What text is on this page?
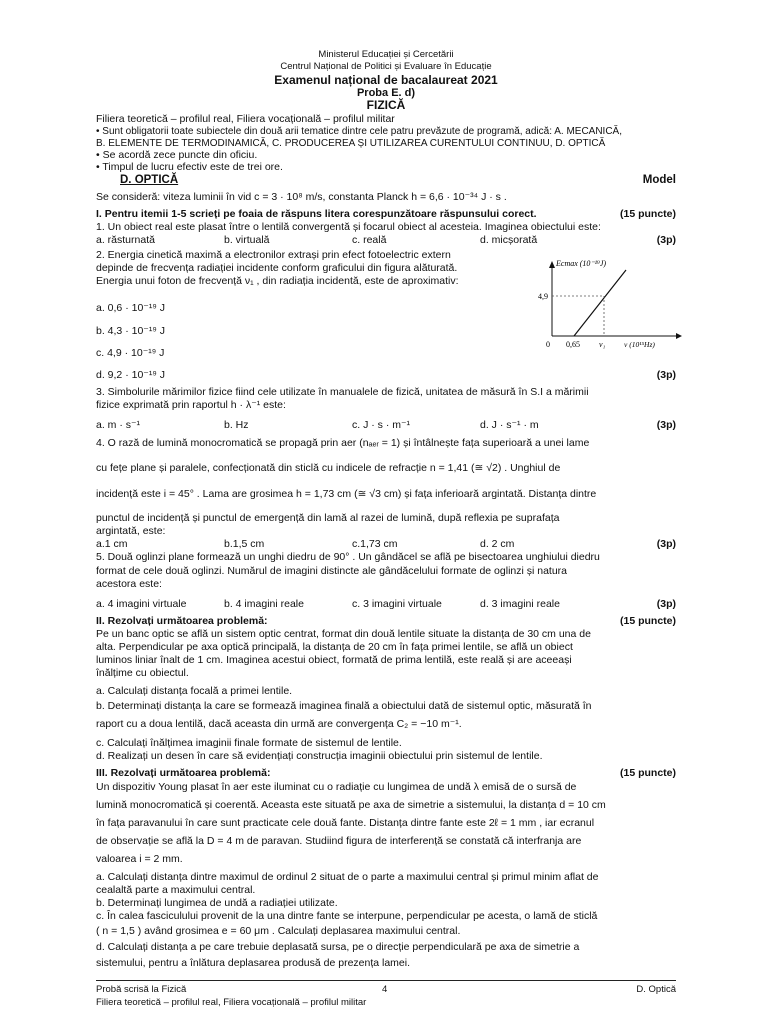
Ministerul Educației și Cercetării
Centrul Național de Politici și Evaluare în Educație
Examenul național de bacalaureat 2021
Proba E. d)
FIZICĂ
Filiera teoretică – profilul real, Filiera vocațională – profilul militar
• Sunt obligatorii toate subiectele din două arii tematice dintre cele patru prevăzute de programă, adică: A. MECANICĂ,
B. ELEMENTE DE TERMODINAMICĂ, C. PRODUCEREA ȘI UTILIZAREA CURENTULUI CONTINUU, D. OPTICĂ
• Se acordă zece puncte din oficiu.
• Timpul de lucru efectiv este de trei ore.
D. OPTICĂ	Model
Se consideră: viteza luminii în vid c = 3 · 10⁸ m/s, constanta Planck h = 6,6 · 10⁻³⁴ J · s .
I. Pentru itemii 1-5 scrieți pe foaia de răspuns litera corespunzătoare răspunsului corect.	(15 puncte)
1. Un obiect real este plasat între o lentilă convergentă și focarul obiect al acesteia. Imaginea obiectului este:
a. răsturnată	b. virtuală	c. reală	d. micșorată	(3p)
2. Energia cinetică maximă a electronilor extrași prin efect fotoelectric extern
depinde de frecvența radiației incidente conform graficului din figura alăturată.
Energia unui foton de frecvență ν₁ , din radiația incidentă, este de aproximativ:
a. 0,6 · 10⁻¹⁹ J
b. 4,3 · 10⁻¹⁹ J
c. 4,9 · 10⁻¹⁹ J
d. 9,2 · 10⁻¹⁹ J	(3p)
Ecmax (10⁻¹⁹J)
4,9
0 0,65 ν₁ ν (10¹⁵Hz)
3. Simbolurile mărimilor fizice fiind cele utilizate în manualele de fizică, unitatea de măsură în S.I a mărimii
fizice exprimată prin raportul h · λ⁻¹ este:
a. m · s⁻¹	b. Hz	c. J · s · m⁻¹	d. J · s⁻¹ · m	(3p)
4. O rază de lumină monocromatică se propagă prin aer (nₐₑᵣ = 1) și întâlnește fața superioară a unei lame
cu fețe plane și paralele, confecționată din sticlă cu indicele de refracție n = 1,41 (≅ √2) . Unghiul de
incidență este i = 45° . Lama are grosimea h = 1,73 cm (≅ √3 cm) și fața inferioară argintată. Distanța dintre
punctul de incidență și punctul de emergență din lamă al razei de lumină, după reflexia pe suprafața
argintată, este:
a.1 cm	b.1,5 cm	c.1,73 cm	d. 2 cm	(3p)
5. Două oglinzi plane formează un unghi diedru de 90° . Un gândăcel se află pe bisectoarea unghiului diedru
format de cele două oglinzi. Numărul de imagini distincte ale gândăcelului formate de oglinzi și natura
acestora este:
a. 4 imagini virtuale	b. 4 imagini reale	c. 3 imagini virtuale	d. 3 imagini reale	(3p)
II. Rezolvați următoarea problemă:	(15 puncte)
Pe un banc optic se află un sistem optic centrat, format din două lentile situate la distanța de 30 cm una de
alta. Perpendicular pe axa optică principală, la distanța de 20 cm în fața primei lentile, se află un obiect
luminos liniar înalt de 1 cm. Imaginea acestui obiect, formată de prima lentilă, este reală și are aceeași
înălțime cu obiectul.
a. Calculați distanța focală a primei lentile.
b. Determinați distanța la care se formează imaginea finală a obiectului dată de sistemul optic, măsurată în
raport cu a doua lentilă, dacă aceasta din urmă are convergența C₂ = −10 m⁻¹.
c. Calculați înălțimea imaginii finale formate de sistemul de lentile.
d. Realizați un desen în care să evidențiați construcția imaginii obiectului prin sistemul de lentile.
III. Rezolvați următoarea problemă:	(15 puncte)
Un dispozitiv Young plasat în aer este iluminat cu o radiație cu lungimea de undă λ emisă de o sursă de
lumină monocromatică și coerentă. Aceasta este situată pe axa de simetrie a sistemului, la distanța d = 10 cm
în fața paravanului în care sunt practicate cele două fante. Distanța dintre fante este 2ℓ = 1 mm , iar ecranul
de observație se află la D = 4 m de paravan. Studiind figura de interferență se constată că interfranja are
valoarea i = 2 mm.
a. Calculați distanța dintre maximul de ordinul 2 situat de o parte a maximului central și primul minim aflat de
cealaltă parte a maximului central.
b. Determinați lungimea de undă a radiației utilizate.
c. În calea fasciculului provenit de la una dintre fante se interpune, perpendicular pe acesta, o lamă de sticlă
( n = 1,5 ) având grosimea e = 60 μm . Calculați deplasarea maximului central.
d. Calculați distanța a pe care trebuie deplasată sursa, pe o direcție perpendiculară pe axa de simetrie a
sistemului, pentru a înlătura deplasarea produsă de prezența lamei.
Probă scrisă la Fizică	4	D. Optică
Filiera teoretică – profilul real, Filiera vocațională – profilul militar
